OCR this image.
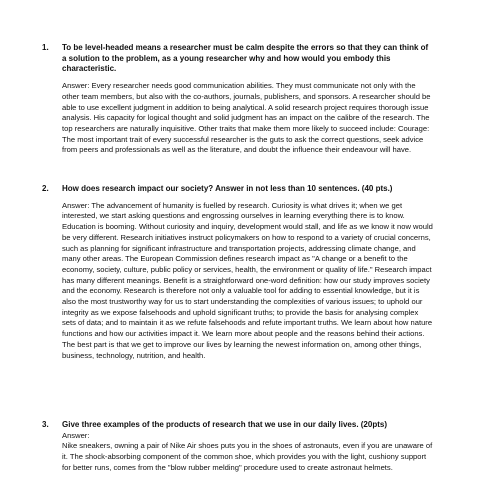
1. To be level-headed means a researcher must be calm despite the errors so that they can think of a solution to the problem, as a young researcher why and how would you embody this characteristic.

Answer: Every researcher needs good communication abilities. They must communicate not only with the other team members, but also with the co-authors, journals, publishers, and sponsors. A researcher should be able to use excellent judgment in addition to being analytical. A solid research project requires thorough issue analysis. His capacity for logical thought and solid judgment has an impact on the calibre of the research. The top researchers are naturally inquisitive. Other traits that make them more likely to succeed include: Courage: The most important trait of every successful researcher is the guts to ask the correct questions, seek advice from peers and professionals as well as the literature, and doubt the influence their endeavour will have.

2. How does research impact our society? Answer in not less than 10 sentences. (40 pts.)

Answer: The advancement of humanity is fuelled by research. Curiosity is what drives it; when we get interested, we start asking questions and engrossing ourselves in learning everything there is to know. Education is booming. Without curiosity and inquiry, development would stall, and life as we know it now would be very different. Research initiatives instruct policymakers on how to respond to a variety of crucial concerns, such as planning for significant infrastructure and transportation projects, addressing climate change, and many other areas. The European Commission defines research impact as "A change or a benefit to the economy, society, culture, public policy or services, health, the environment or quality of life." Research impact has many different meanings. Benefit is a straightforward one-word definition: how our study improves society and the economy. Research is therefore not only a valuable tool for adding to essential knowledge, but it is also the most trustworthy way for us to start understanding the complexities of various issues; to uphold our integrity as we expose falsehoods and uphold significant truths; to provide the basis for analysing complex sets of data; and to maintain it as we refute falsehoods and refute important truths. We learn about how nature functions and how our activities impact it. We learn more about people and the reasons behind their actions. The best part is that we get to improve our lives by learning the newest information on, among other things, business, technology, nutrition, and health.

3. Give three examples of the products of research that we use in our daily lives. (20pts)

Answer:

Nike sneakers, owning a pair of Nike Air shoes puts you in the shoes of astronauts, even if you are unaware of it. The shock-absorbing component of the common shoe, which provides you with the light, cushiony support for better runs, comes from the "blow rubber melding" procedure used to create astronaut helmets.
